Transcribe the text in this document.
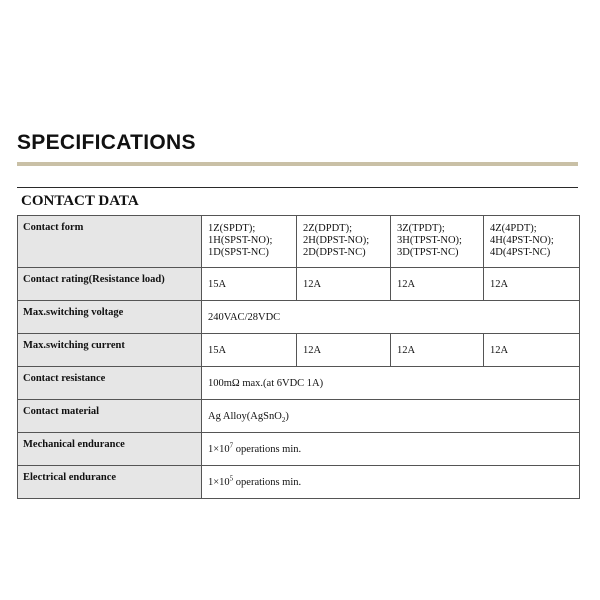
SPECIFICATIONS
CONTACT DATA
Contact form	1Z(SPDT);
1H(SPST-NO);
1D(SPST-NC)	2Z(DPDT);
2H(DPST-NO);
2D(DPST-NC)	3Z(TPDT);
3H(TPST-NO);
3D(TPST-NC)	4Z(4PDT);
4H(4PST-NO);
4D(4PST-NC)

Contact rating(Resistance load)	15A	12A	12A	12A
Max.switching voltage	240VAC/28VDC			
Max.switching current	15A	12A	12A	12A
Contact resistance	100mΩ max.(at 6VDC 1A)			
Contact material	Ag Alloy(AgSnO$_2$)			
Mechanical endurance	$1\times 10^7$ operations min.			
Electrical endurance	$1\times 10^5$ operations min.			
